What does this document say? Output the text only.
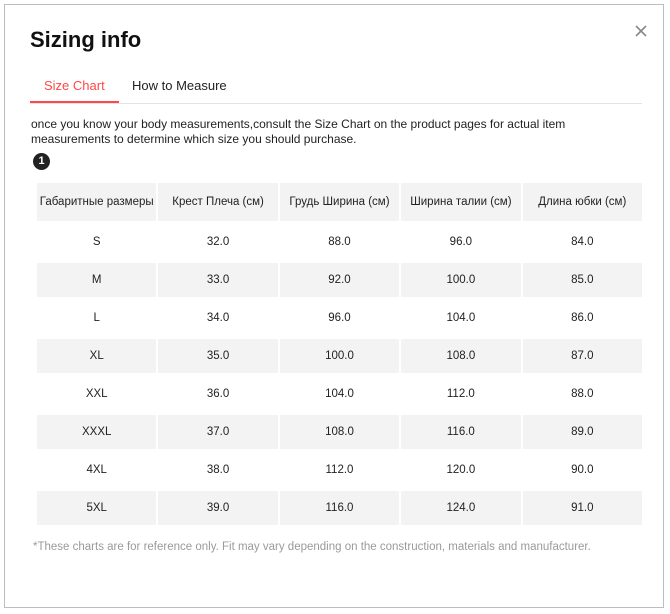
Sizing info
Size Chart	How to Measure
once you know your body measurements,consult the Size Chart on the product pages for actual item measurements to determine which size you should purchase.
1
Габаритные размеры	Крест Плеча (см)	Грудь Ширина (см)	Ширина талии (см)	Длина юбки (см)
S	32.0	88.0	96.0	84.0
M	33.0	92.0	100.0	85.0
L	34.0	96.0	104.0	86.0
XL	35.0	100.0	108.0	87.0
XXL	36.0	104.0	112.0	88.0
XXXL	37.0	108.0	116.0	89.0
4XL	38.0	112.0	120.0	90.0
5XL	39.0	116.0	124.0	91.0
*These charts are for reference only. Fit may vary depending on the construction, materials and manufacturer.
